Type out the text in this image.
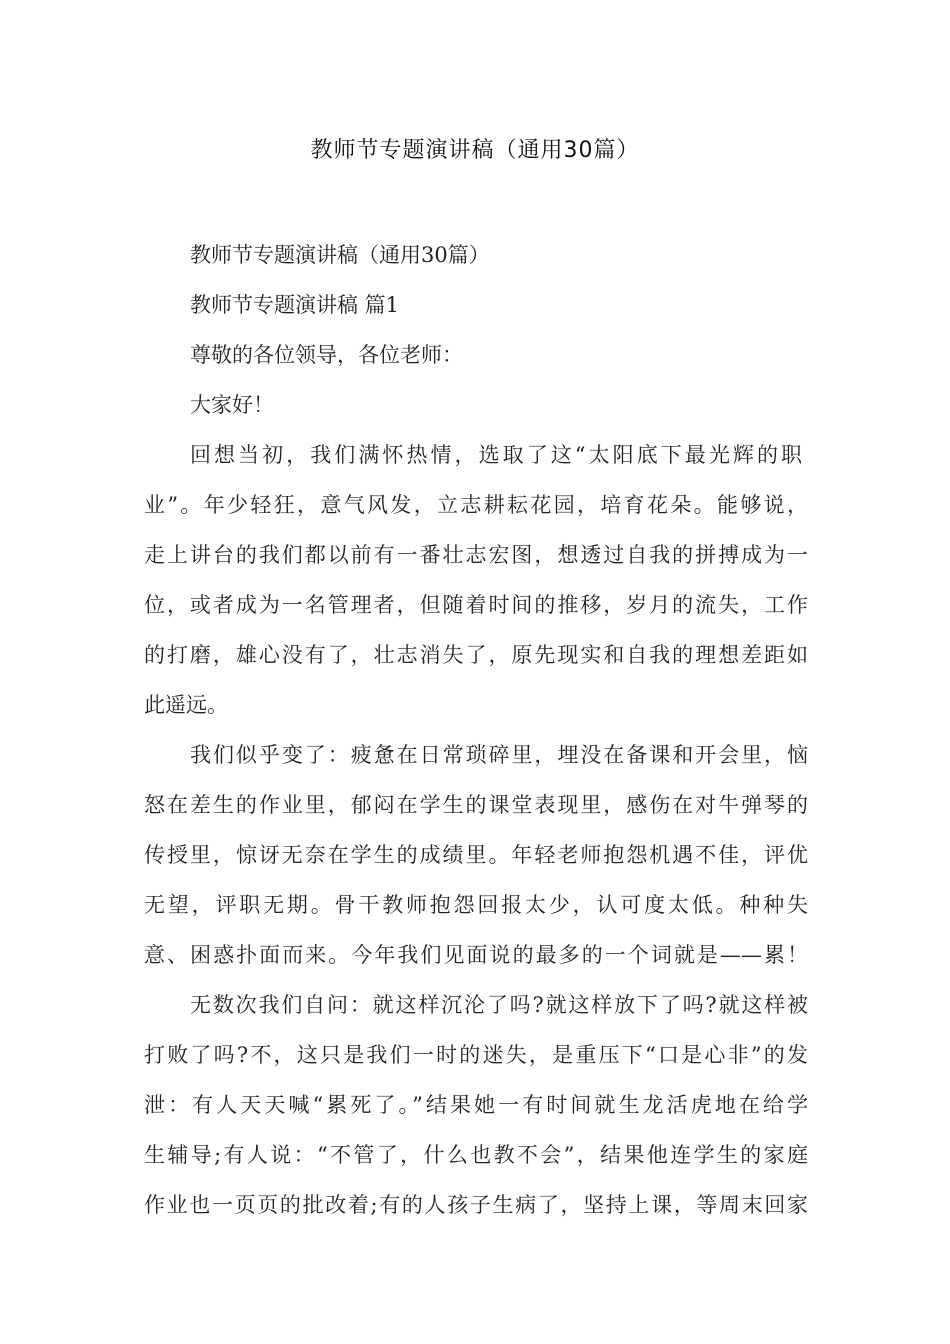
教师节专题演讲稿（通用30篇）
教师节专题演讲稿（通用30篇）
教师节专题演讲稿 篇1
尊敬的各位领导，各位老师：
大家好！
回想当初，我们满怀热情，选取了这“太阳底下最光辉的职
业”。年少轻狂，意气风发，立志耕耘花园，培育花朵。能够说，
走上讲台的我们都以前有一番壮志宏图，想透过自我的拼搏成为一
位，或者成为一名管理者，但随着时间的推移，岁月的流失，工作
的打磨，雄心没有了，壮志消失了，原先现实和自我的理想差距如
此遥远。
我们似乎变了：疲惫在日常琐碎里，埋没在备课和开会里，恼
怒在差生的作业里，郁闷在学生的课堂表现里，感伤在对牛弹琴的
传授里，惊讶无奈在学生的成绩里。年轻老师抱怨机遇不佳，评优
无望，评职无期。骨干教师抱怨回报太少，认可度太低。种种失
意、困惑扑面而来。今年我们见面说的最多的一个词就是——累！
无数次我们自问：就这样沉沦了吗?就这样放下了吗?就这样被
打败了吗?不，这只是我们一时的迷失，是重压下“口是心非”的发
泄：有人天天喊“累死了。”结果她一有时间就生龙活虎地在给学
生辅导;有人说：“不管了，什么也教不会”，结果他连学生的家庭
作业也一页页的批改着;有的人孩子生病了，坚持上课，等周末回家
